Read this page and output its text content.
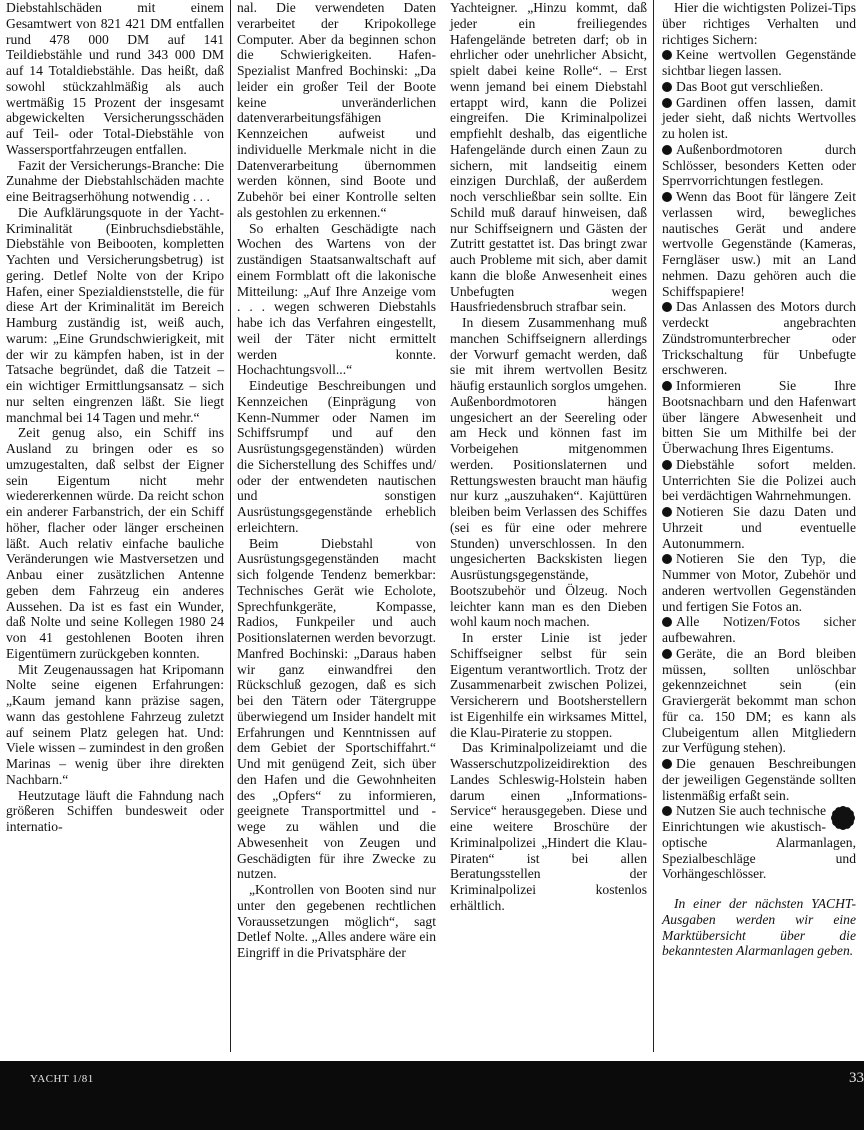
Diebstahlschäden mit einem Gesamtwert von 821 421 DM entfallen rund 478 000 DM auf 141 Teildiebstähle und rund 343 000 DM auf 14 Totaldiebstähle. Das heißt, daß sowohl stückzahlmäßig als auch wertmäßig 15 Prozent der insgesamt abgewickelten Versicherungsschäden auf Teil- oder Total-Diebstähle von Wassersportfahrzeugen entfallen.

Fazit der Versicherungs-Branche: Die Zunahme der Diebstahlschäden machte eine Beitragserhöhung notwendig . . .

Die Aufklärungsquote in der Yacht-Kriminalität (Einbruchsdiebstähle, Diebstähle von Beibooten, kompletten Yachten und Versicherungsbetrug) ist gering. Detlef Nolte von der Kripo Hafen, einer Spezialdienststelle, die für diese Art der Kriminalität im Bereich Hamburg zuständig ist, weiß auch, warum: „Eine Grundschwierigkeit, mit der wir zu kämpfen haben, ist in der Tatsache begründet, daß die Tatzeit – ein wichtiger Ermittlungsansatz – sich nur selten eingrenzen läßt. Sie liegt manchmal bei 14 Tagen und mehr.“

Zeit genug also, ein Schiff ins Ausland zu bringen oder es so umzugestalten, daß selbst der Eigner sein Eigentum nicht mehr wiedererkennen würde. Da reicht schon ein anderer Farbanstrich, der ein Schiff höher, flacher oder länger erscheinen läßt. Auch relativ einfache bauliche Veränderungen wie Mastversetzen und Anbau einer zusätzlichen Antenne geben dem Fahrzeug ein anderes Aussehen. Da ist es fast ein Wunder, daß Nolte und seine Kollegen 1980 24 von 41 gestohlenen Booten ihren Eigentümern zurückgeben konnten.

Mit Zeugenaussagen hat Kripomann Nolte seine eigenen Erfahrungen: „Kaum jemand kann präzise sagen, wann das gestohlene Fahrzeug zuletzt auf seinem Platz gelegen hat. Und: Viele wissen – zumindest in den großen Marinas – wenig über ihre direkten Nachbarn.“

Heutzutage läuft die Fahndung nach größeren Schiffen bundesweit oder internatio-

nal. Die verwendeten Daten verarbeitet der Kripokollege Computer. Aber da beginnen schon die Schwierigkeiten. Hafen-Spezialist Manfred Bochinski: „Da leider ein großer Teil der Boote keine unveränderlichen datenverarbeitungsfähigen Kennzeichen aufweist und individuelle Merkmale nicht in die Datenverarbeitung übernommen werden können, sind Boote und Zubehör bei einer Kontrolle selten als gestohlen zu erkennen.“

So erhalten Geschädigte nach Wochen des Wartens von der zuständigen Staatsanwaltschaft auf einem Formblatt oft die lakonische Mitteilung: „Auf Ihre Anzeige vom . . . wegen schweren Diebstahls habe ich das Verfahren eingestellt, weil der Täter nicht ermittelt werden konnte. Hochachtungsvoll...“

Eindeutige Beschreibungen und Kennzeichen (Einprägung von Kenn-Nummer oder Namen im Schiffsrumpf und auf den Ausrüstungsgegenständen) würden die Sicherstellung des Schiffes und/ oder der entwendeten nautischen und sonstigen Ausrüstungsgegenstände erheblich erleichtern.

Beim Diebstahl von Ausrüstungsgegenständen macht sich folgende Tendenz bemerkbar: Technisches Gerät wie Echolote, Sprechfunkgeräte, Kompasse, Radios, Funkpeiler und auch Positionslaternen werden bevorzugt. Manfred Bochinski: „Daraus haben wir ganz einwandfrei den Rückschluß gezogen, daß es sich bei den Tätern oder Tätergruppe überwiegend um Insider handelt mit Erfahrungen und Kenntnissen auf dem Gebiet der Sportschiffahrt.“ Und mit genügend Zeit, sich über den Hafen und die Gewohnheiten des „Opfers“ zu informieren, geeignete Transportmittel und -wege zu wählen und die Abwesenheit von Zeugen und Geschädigten für ihre Zwecke zu nutzen.

„Kontrollen von Booten sind nur unter den gegebenen rechtlichen Voraussetzungen möglich“, sagt Detlef Nolte. „Alles andere wäre ein Eingriff in die Privatsphäre der

Yachteigner. „Hinzu kommt, daß jeder ein freiliegendes Hafengelände betreten darf; ob in ehrlicher oder unehrlicher Absicht, spielt dabei keine Rolle“. – Erst wenn jemand bei einem Diebstahl ertappt wird, kann die Polizei eingreifen. Die Kriminalpolizei empfiehlt deshalb, das eigentliche Hafengelände durch einen Zaun zu sichern, mit landseitig einem einzigen Durchlaß, der außerdem noch verschließbar sein sollte. Ein Schild muß darauf hinweisen, daß nur Schiffseignern und Gästen der Zutritt gestattet ist. Das bringt zwar auch Probleme mit sich, aber damit kann die bloße Anwesenheit eines Unbefugten wegen Hausfriedensbruch strafbar sein.

In diesem Zusammenhang muß manchen Schiffseignern allerdings der Vorwurf gemacht werden, daß sie mit ihrem wertvollen Besitz häufig erstaunlich sorglos umgehen. Außenbordmotoren hängen ungesichert an der Seereling oder am Heck und können fast im Vorbeigehen mitgenommen werden. Positionslaternen und Rettungswesten braucht man häufig nur kurz „auszuhaken“. Kajüttüren bleiben beim Verlassen des Schiffes (sei es für eine oder mehrere Stunden) unverschlossen. In den ungesicherten Backskisten liegen Ausrüstungsgegenstände, Bootszubehör und Ölzeug. Noch leichter kann man es den Dieben wohl kaum noch machen.

In erster Linie ist jeder Schiffseigner selbst für sein Eigentum verantwortlich. Trotz der Zusammenarbeit zwischen Polizei, Versicherern und Bootsherstellern ist Eigenhilfe ein wirksames Mittel, die Klau-Piraterie zu stoppen.

Das Kriminalpolizeiamt und die Wasserschutzpolizeidirektion des Landes Schleswig-Holstein haben darum einen „Informations-Service“ herausgegeben. Diese und eine weitere Broschüre der Kriminalpolizei „Hindert die Klau-Piraten“ ist bei allen Beratungsstellen der Kriminalpolizei kostenlos erhältlich.

Hier die wichtigsten Polizei-Tips über richtiges Verhalten und richtiges Sichern:

Keine wertvollen Gegenstände sichtbar liegen lassen.

Das Boot gut verschließen.

Gardinen offen lassen, damit jeder sieht, daß nichts Wertvolles zu holen ist.

Außenbordmotoren durch Schlösser, besonders Ketten oder Sperrvorrichtungen festlegen.

Wenn das Boot für längere Zeit verlassen wird, bewegliches nautisches Gerät und andere wertvolle Gegenstände (Kameras, Ferngläser usw.) mit an Land nehmen. Dazu gehören auch die Schiffspapiere!

Das Anlassen des Motors durch verdeckt angebrachten Zündstromunterbrecher oder Trickschaltung für Unbefugte erschweren.

Informieren Sie Ihre Bootsnachbarn und den Hafenwart über längere Abwesenheit und bitten Sie um Mithilfe bei der Überwachung Ihres Eigentums.

Diebstähle sofort melden. Unterrichten Sie die Polizei auch bei verdächtigen Wahrnehmungen.

Notieren Sie dazu Daten und Uhrzeit und eventuelle Autonummern.

Notieren Sie den Typ, die Nummer von Motor, Zubehör und anderen wertvollen Gegenständen und fertigen Sie Fotos an.

Alle Notizen/Fotos sicher aufbewahren.

Geräte, die an Bord bleiben müssen, sollten unlöschbar gekennzeichnet sein (ein Graviergerät bekommt man schon für ca. 150 DM; es kann als Clubeigentum allen Mitgliedern zur Verfügung stehen).

Die genauen Beschreibungen der jeweiligen Gegenstände sollten listenmäßig erfaßt sein.

Nutzen Sie auch technische Einrichtungen wie akustisch-optische Alarmanlagen, Spezialbeschläge und Vorhängeschlösser.

In einer der nächsten YACHT-Ausgaben werden wir eine Marktübersicht über die bekanntesten Alarmanlagen geben.

YACHT 1/81	33
